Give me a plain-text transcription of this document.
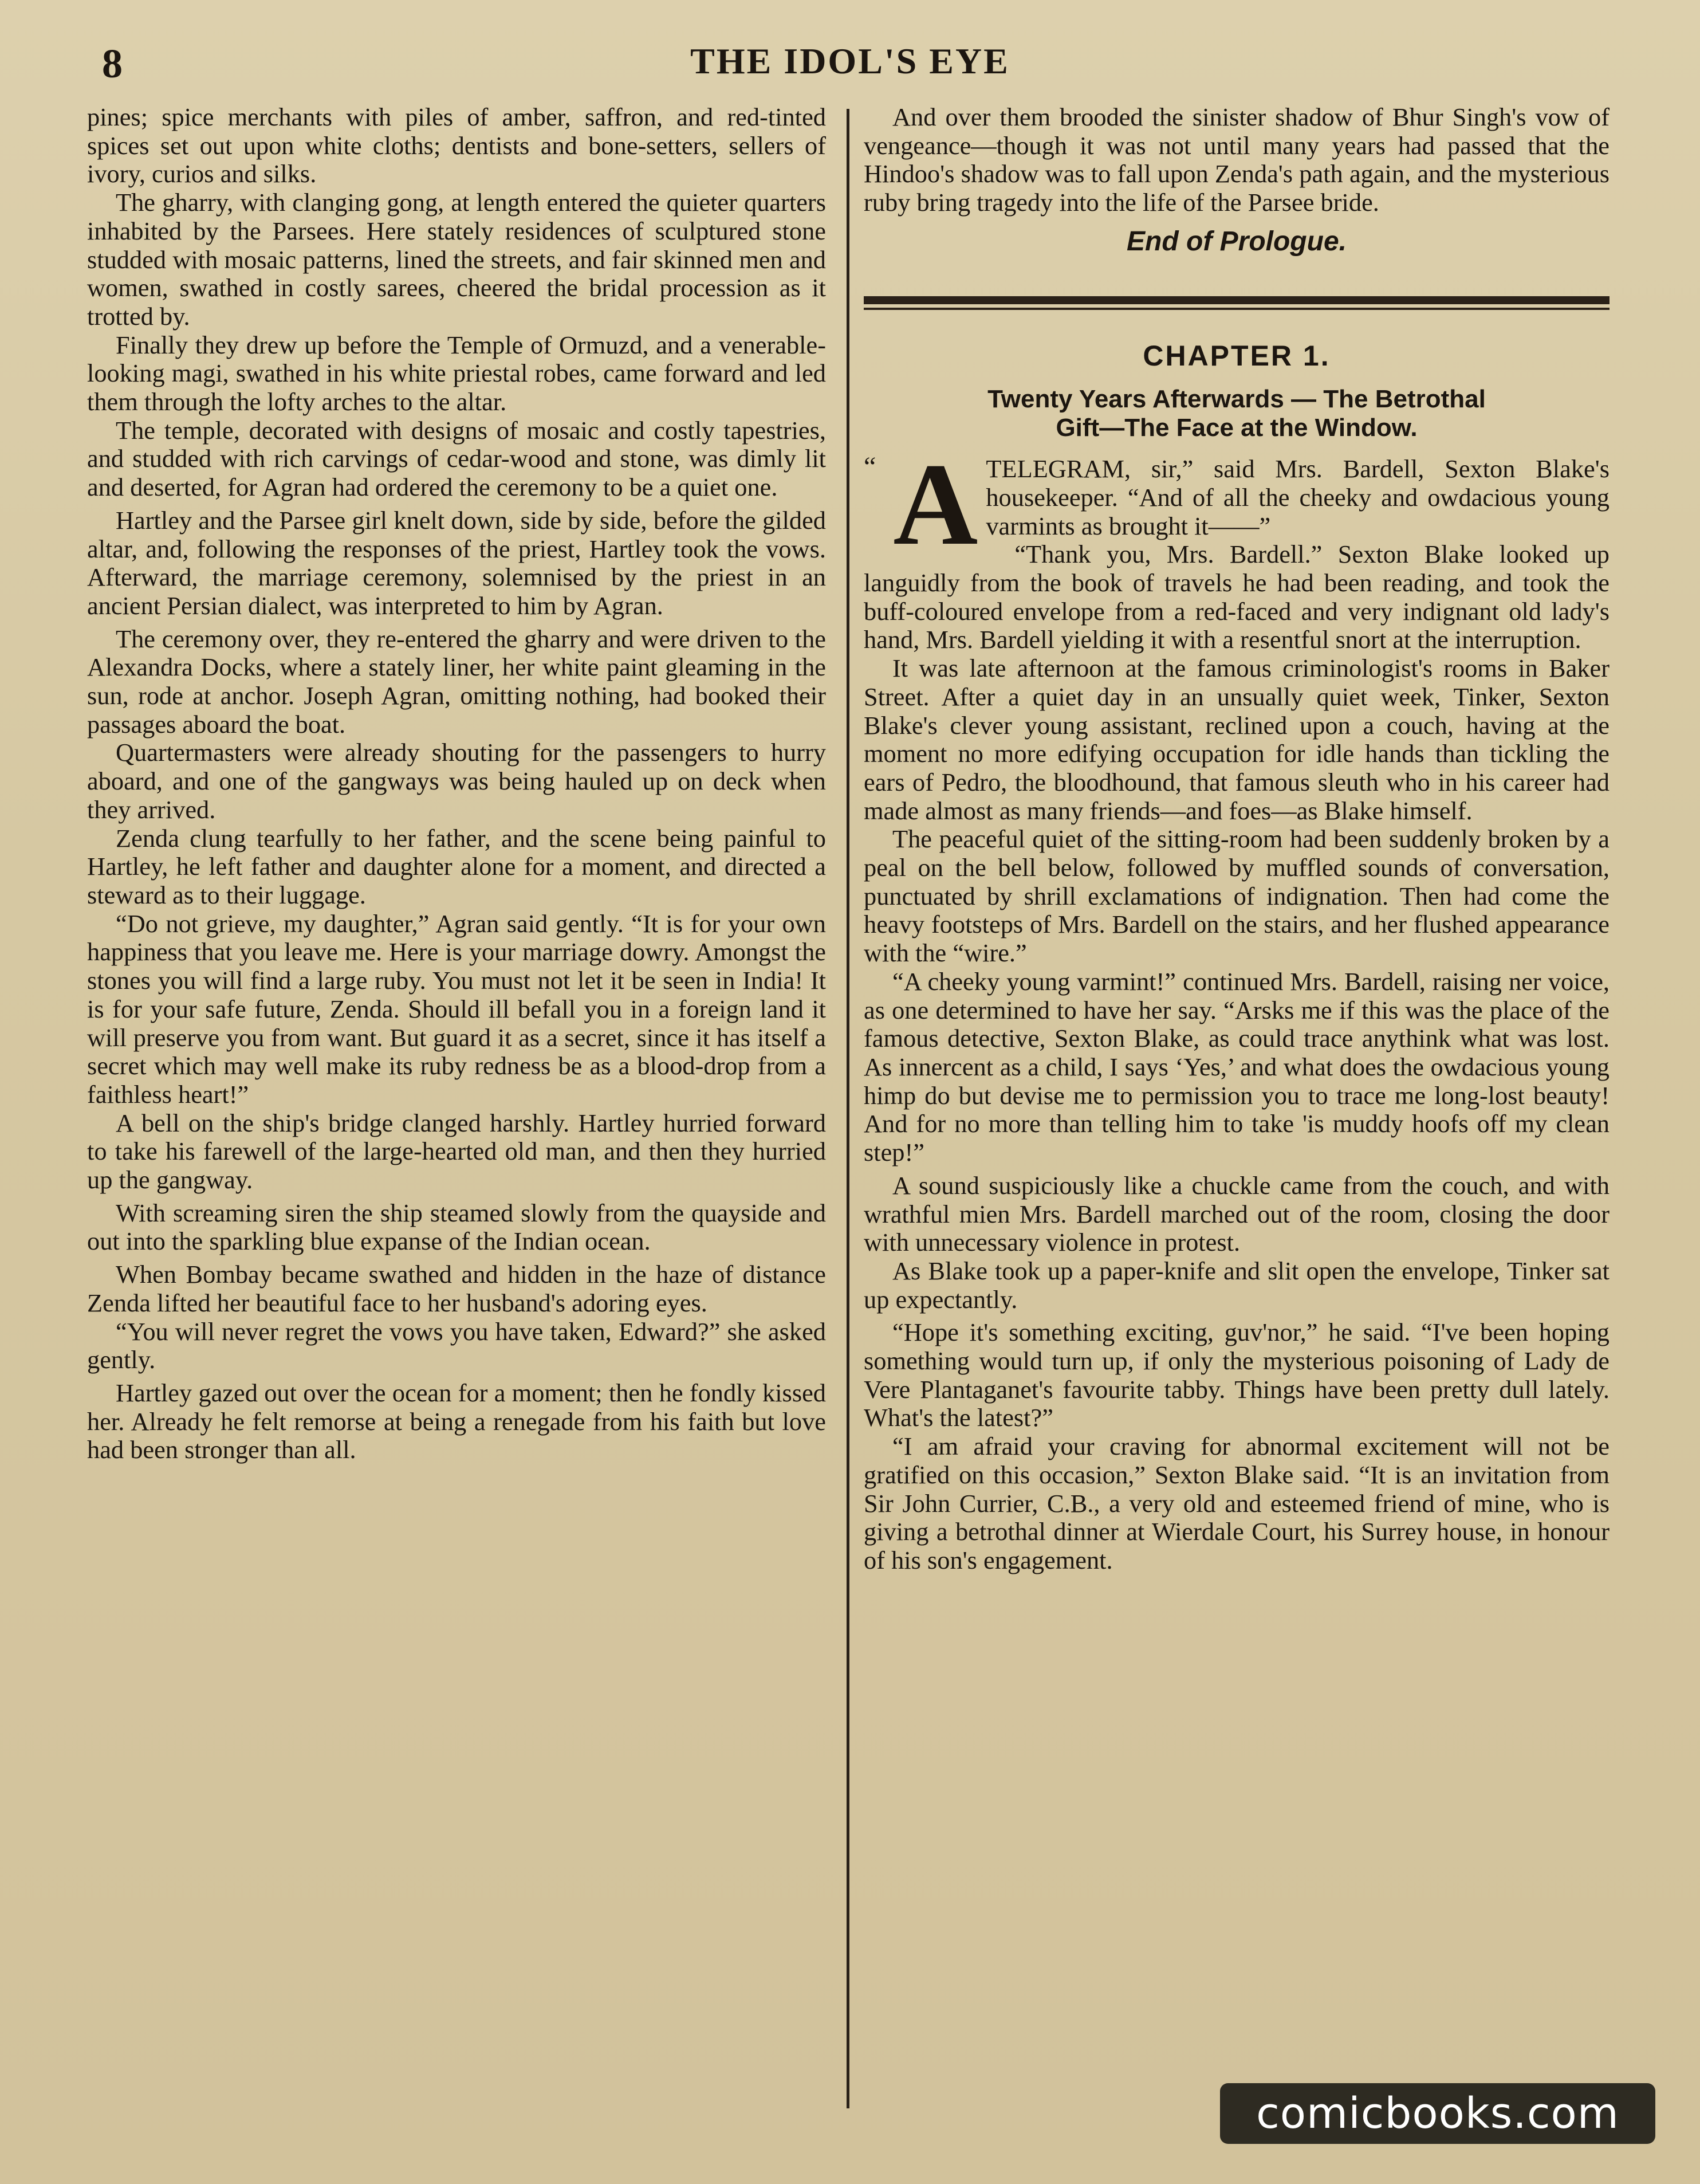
8	THE IDOL'S EYE

pines; spice merchants with piles of amber, saffron, and red-tinted spices set out upon white cloths; dentists and bone-setters, sellers of ivory, curios and silks.

The gharry, with clanging gong, at length entered the quieter quarters inhabited by the Parsees. Here stately residences of sculptured stone studded with mosaic patterns, lined the streets, and fair skinned men and women, swathed in costly sarees, cheered the bridal procession as it trotted by.

Finally they drew up before the Temple of Ormuzd, and a venerable-looking magi, swathed in his white priestal robes, came forward and led them through the lofty arches to the altar.

The temple, decorated with designs of mosaic and costly tapestries, and studded with rich carvings of cedar-wood and stone, was dimly lit and deserted, for Agran had ordered the ceremony to be a quiet one.

Hartley and the Parsee girl knelt down, side by side, before the gilded altar, and, following the responses of the priest, Hartley took the vows. Afterward, the marriage ceremony, solemnised by the priest in an ancient Persian dialect, was interpreted to him by Agran.

The ceremony over, they re-entered the gharry and were driven to the Alexandra Docks, where a stately liner, her white paint gleaming in the sun, rode at anchor. Joseph Agran, omitting nothing, had booked their passages aboard the boat.

Quartermasters were already shouting for the passengers to hurry aboard, and one of the gangways was being hauled up on deck when they arrived.

Zenda clung tearfully to her father, and the scene being painful to Hartley, he left father and daughter alone for a moment, and directed a steward as to their luggage.

“Do not grieve, my daughter,” Agran said gently. “It is for your own happiness that you leave me. Here is your marriage dowry. Amongst the stones you will find a large ruby. You must not let it be seen in India! It is for your safe future, Zenda. Should ill befall you in a foreign land it will preserve you from want. But guard it as a secret, since it has itself a secret which may well make its ruby redness be as a blood-drop from a faithless heart!”

A bell on the ship's bridge clanged harshly. Hartley hurried forward to take his farewell of the large-hearted old man, and then they hurried up the gangway.

With screaming siren the ship steamed slowly from the quayside and out into the sparkling blue expanse of the Indian ocean.

When Bombay became swathed and hidden in the haze of distance Zenda lifted her beautiful face to her husband's adoring eyes.

“You will never regret the vows you have taken, Edward?” she asked gently.

Hartley gazed out over the ocean for a moment; then he fondly kissed her. Already he felt remorse at being a renegade from his faith but love had been stronger than all.

And over them brooded the sinister shadow of Bhur Singh's vow of vengeance—though it was not until many years had passed that the Hindoo's shadow was to fall upon Zenda's path again, and the mysterious ruby bring tragedy into the life of the Parsee bride.

End of Prologue.

CHAPTER 1.

Twenty Years Afterwards — The Betrothal
Gift—The Face at the Window.

“ A TELEGRAM, sir,” said Mrs. Bardell, Sexton Blake's housekeeper. “And of all the cheeky and owdacious young varmints as brought it——”

“Thank you, Mrs. Bardell.” Sexton Blake looked up languidly from the book of travels he had been reading, and took the buff-coloured envelope from a red-faced and very indignant old lady's hand, Mrs. Bardell yielding it with a resentful snort at the interruption.

It was late afternoon at the famous criminologist's rooms in Baker Street. After a quiet day in an unsually quiet week, Tinker, Sexton Blake's clever young assistant, reclined upon a couch, having at the moment no more edifying occupation for idle hands than tickling the ears of Pedro, the bloodhound, that famous sleuth who in his career had made almost as many friends—and foes—as Blake himself.

The peaceful quiet of the sitting-room had been suddenly broken by a peal on the bell below, followed by muffled sounds of conversation, punctuated by shrill exclamations of indignation. Then had come the heavy footsteps of Mrs. Bardell on the stairs, and her flushed appearance with the “wire.”

“A cheeky young varmint!” continued Mrs. Bardell, raising ner voice, as one determined to have her say. “Arsks me if this was the place of the famous detective, Sexton Blake, as could trace anythink what was lost. As innercent as a child, I says ‘Yes,’ and what does the owdacious young himp do but devise me to permission you to trace me long-lost beauty! And for no more than telling him to take 'is muddy hoofs off my clean step!”

A sound suspiciously like a chuckle came from the couch, and with wrathful mien Mrs. Bardell marched out of the room, closing the door with unnecessary violence in protest.

As Blake took up a paper-knife and slit open the envelope, Tinker sat up expectantly.

“Hope it's something exciting, guv'nor,” he said. “I've been hoping something would turn up, if only the mysterious poisoning of Lady de Vere Plantaganet's favourite tabby. Things have been pretty dull lately. What's the latest?”

“I am afraid your craving for abnormal excitement will not be gratified on this occasion,” Sexton Blake said. “It is an invitation from Sir John Currier, C.B., a very old and esteemed friend of mine, who is giving a betrothal dinner at Wierdale Court, his Surrey house, in honour of his son's engagement.

comicbooks.com
